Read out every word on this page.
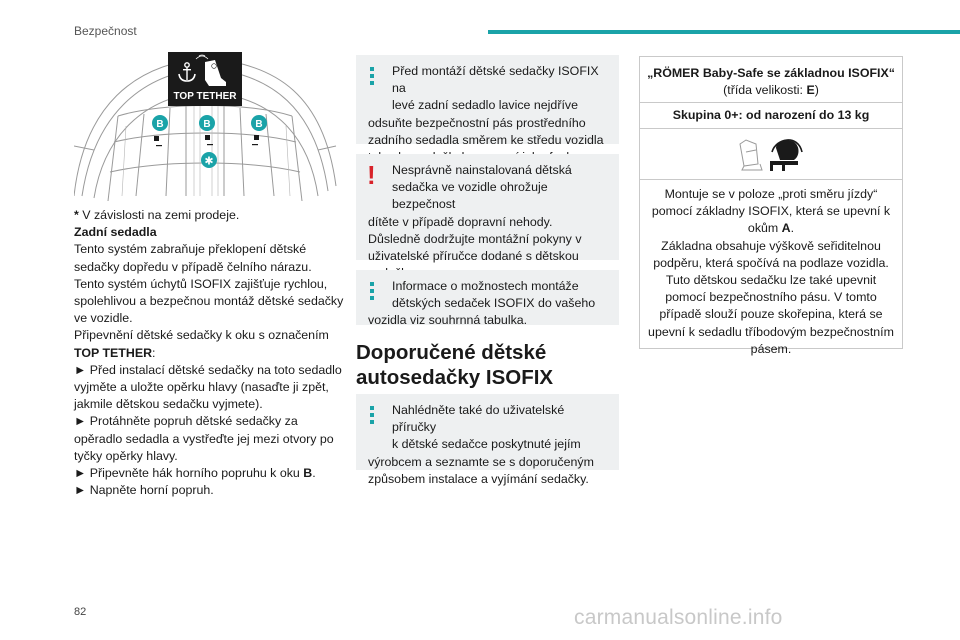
Bezpečnost
TOP TETHER
B	B	B
✱

* V závislosti na zemi prodeje.

Zadní sedadla

Tento systém zabraňuje překlopení dětské sedačky dopředu v případě čelního nárazu.

Tento systém úchytů ISOFIX zajišťuje rychlou, spolehlivou a bezpečnou montáž dětské sedačky ve vozidle.

Připevnění dětské sedačky k oku s označením TOP TETHER:

► Před instalací dětské sedačky na toto sedadlo vyjměte a uložte opěrku hlavy (nasaďte ji zpět, jakmile dětskou sedačku vyjmete).

► Protáhněte popruh dětské sedačky za opěradlo sedadla a vystřeďte jej mezi otvory po tyčky opěrky hlavy.

► Připevněte hák horního popruhu k oku B.

► Napněte horní popruh.

Před montáží dětské sedačky ISOFIX na
levé zadní sedadlo lavice nejdříve
odsuňte bezpečnostní pás prostředního zadního sedadla směrem ke středu vozidla
!	Nesprávně nainstalovaná dětská
sedačka ve vozidle ohrožuje bezpečnost
dítěte v případě dopravní nehody.
Důsledně dodržujte montážní pokyny v uživatelské příručce dodané s dětskou
Informace o možnostech montáže
dětských sedaček ISOFIX do vašeho
vozidla viz souhrnná tabulka.
Doporučené dětské autosedačky ISOFIX
Nahlédněte také do uživatelské příručky
k dětské sedačce poskytnuté jejím
výrobcem a seznamte se s doporučeným způsobem instalace a vyjímání sedačky.
„RÖMER Baby-Safe se základnou ISOFIX“
(třída velikosti: E)
Skupina 0+: od narození do 13 kg
Montuje se v poloze „proti směru jízdy“ pomocí základny ISOFIX, která se upevní k okům A.
Základna obsahuje výškově seřiditelnou podpěru, která spočívá na podlaze vozidla.
Tuto dětskou sedačku lze také upevnit pomocí bezpečnostního pásu. V tomto případě slouží pouze skořepina, která se upevní k sedadlu tříbodovým bezpečnostním pásem.
82	carmanualsonline.info
